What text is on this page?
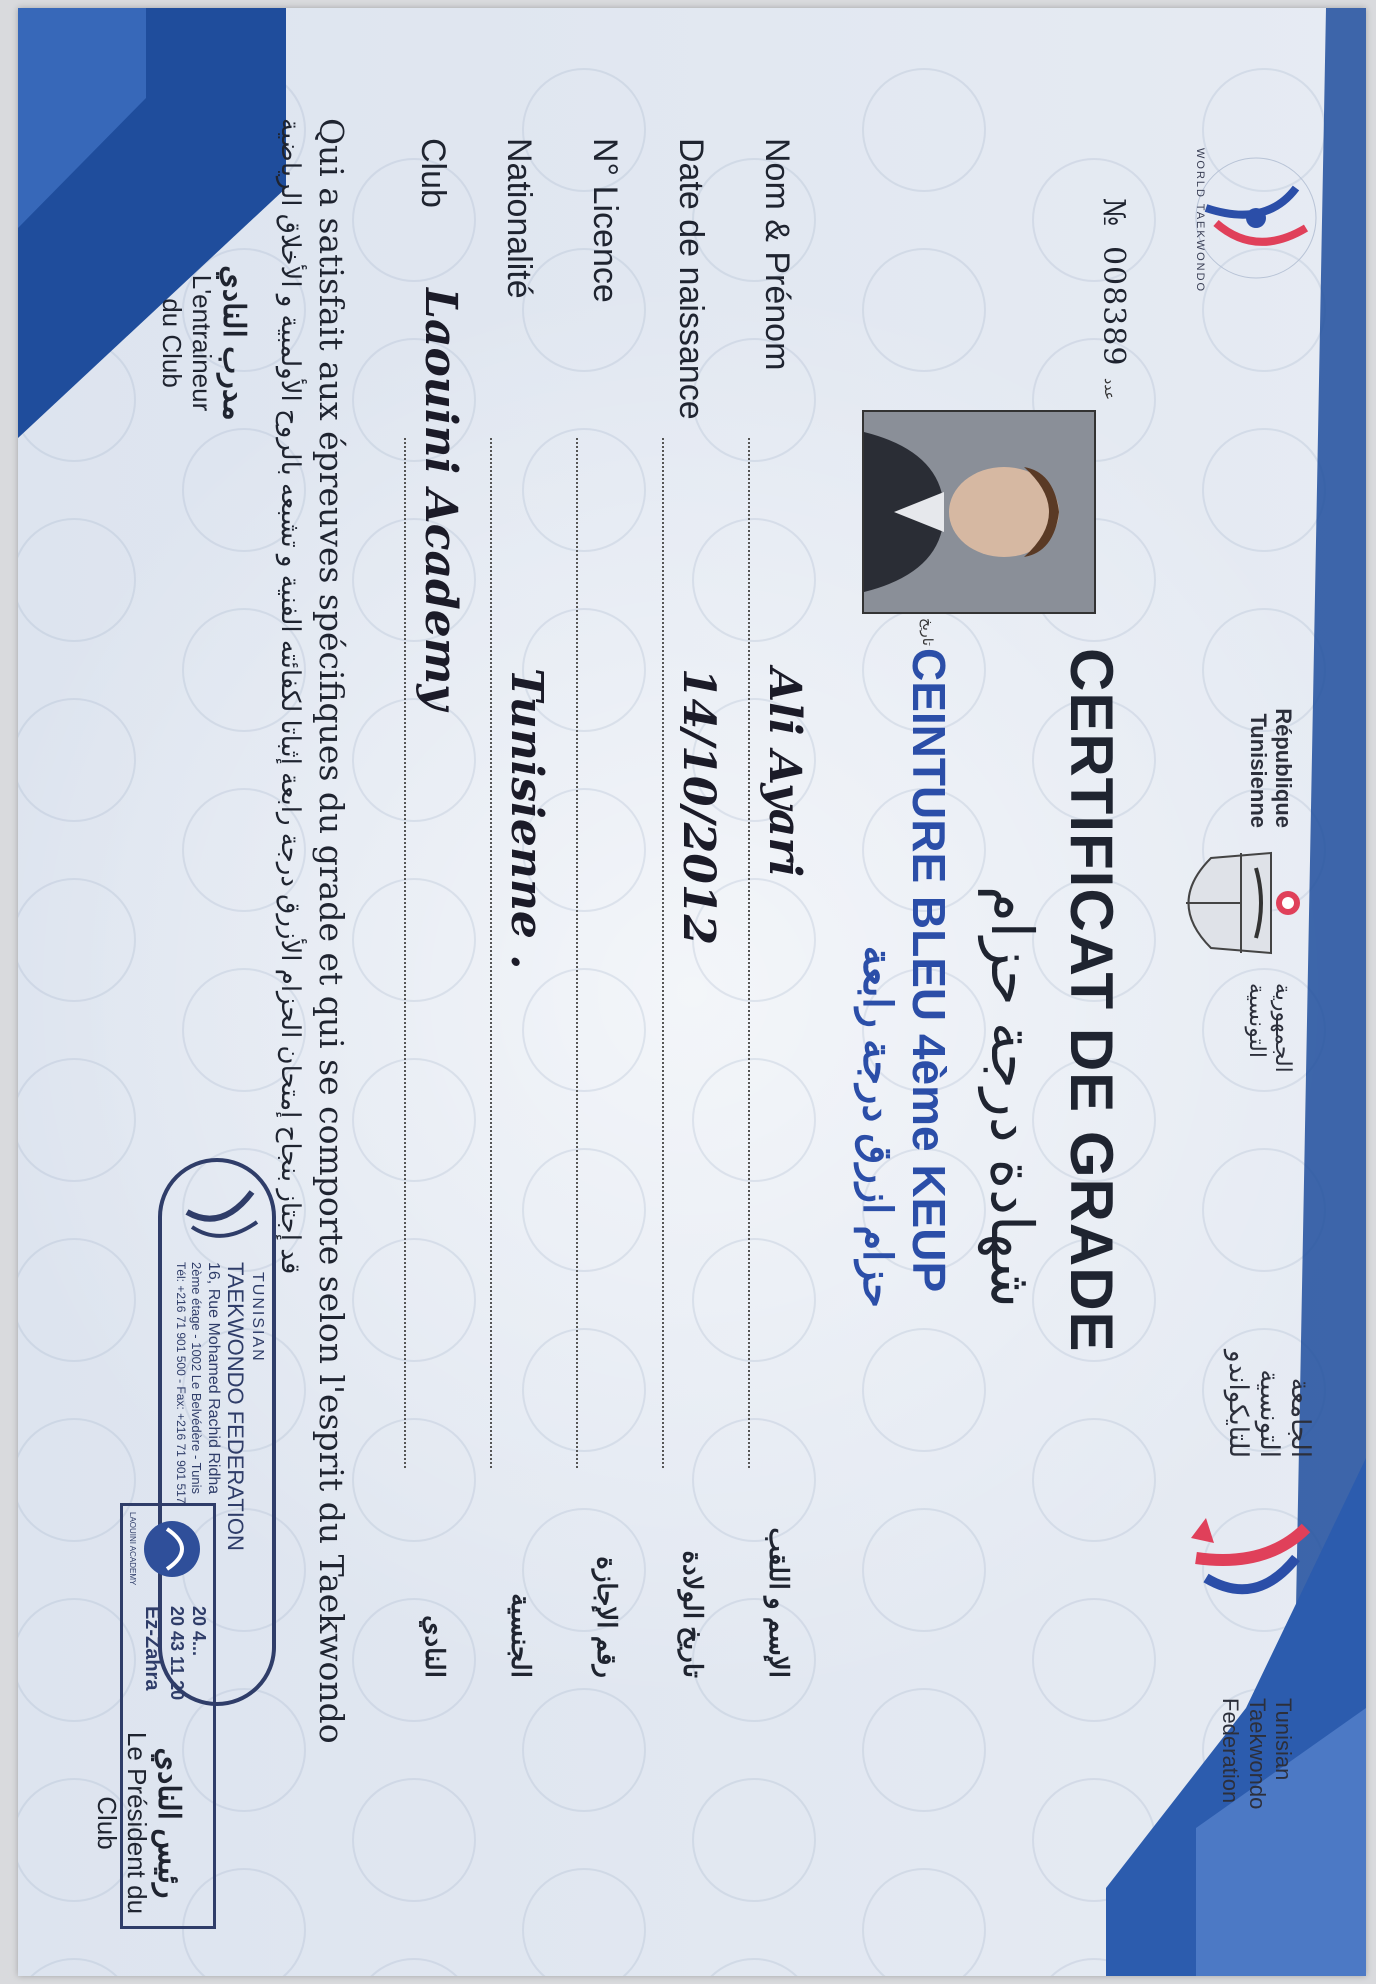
WORLD TAEKWONDO
République
Tunisienne
الجمهورية
التونسية
الجامعة
التونسية
للتايكواندو
Tunisian
Taekwondo
Federation
№ 008389
عدد
تاريخ
CERTIFICAT DE GRADE
شهادة درجة حزام
CEINTURE BLEU 4ème KEUP
حزام ازرق درجة رابعة
Nom & Prénom
Ali Ayari
الإسم و اللقب
Date de naissance
14/10/2012
تاريخ الولادة
N° Licence
رقم الإجازة
Nationalité
Tunisienne .
الجنسية
Club
Laouini Academy
النادي
Qui a satisfait aux épreuves spécifiques du grade et qui se comporte selon l'esprit du Taekwondo
قد إجتاز بنجاح إمتحان الحزام الأزرق درجة رابعة إثباتا لكفائته الفنية و تشبعه بالروح الأولمبية و الأخلاق الرياضية
مدرب النادي
L'entraineur
du Club
TUNISIAN
TAEKWONDO FEDERATION
16, Rue Mohamed Rachid Ridha
2ème étage - 1002 Le Belvédère - Tunis
Tél: +216 71 901 500 - Fax: +216 71 901 517
LAOUINI ACADEMY
20 4...
20 43 11 20
Ez-Zahra
رئيس النادي
Le Président du
Club
